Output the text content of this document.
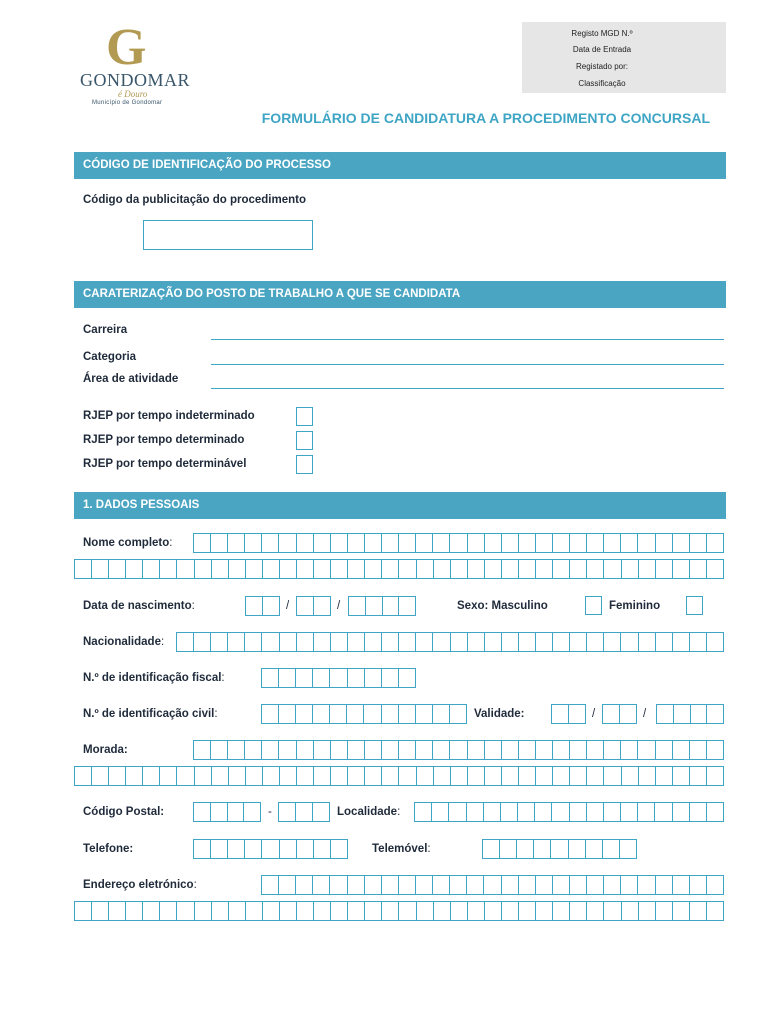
G
GONDOMAR
é Douro
Município de Gondomar
Registo MGD N.º
Data de Entrada
Registado por:
Classificação
FORMULÁRIO DE CANDIDATURA A PROCEDIMENTO CONCURSAL
CÓDIGO DE IDENTIFICAÇÃO DO PROCESSO
Código da publicitação do procedimento
CARATERIZAÇÃO DO POSTO DE TRABALHO A QUE SE CANDIDATA
Carreira
Categoria
Área de atividade
RJEP por tempo indeterminado
RJEP por tempo determinado
RJEP por tempo determinável
1. DADOS PESSOAIS
Nome completo:
Data de nascimento:	/	/	Sexo: Masculino	Feminino
Nacionalidade:
N.º de identificação fiscal:
N.º de identificação civil:	Validade:	/	/
Morada:
Código Postal:	-	Localidade:
Telefone:	Telemóvel:
Endereço eletrónico:
